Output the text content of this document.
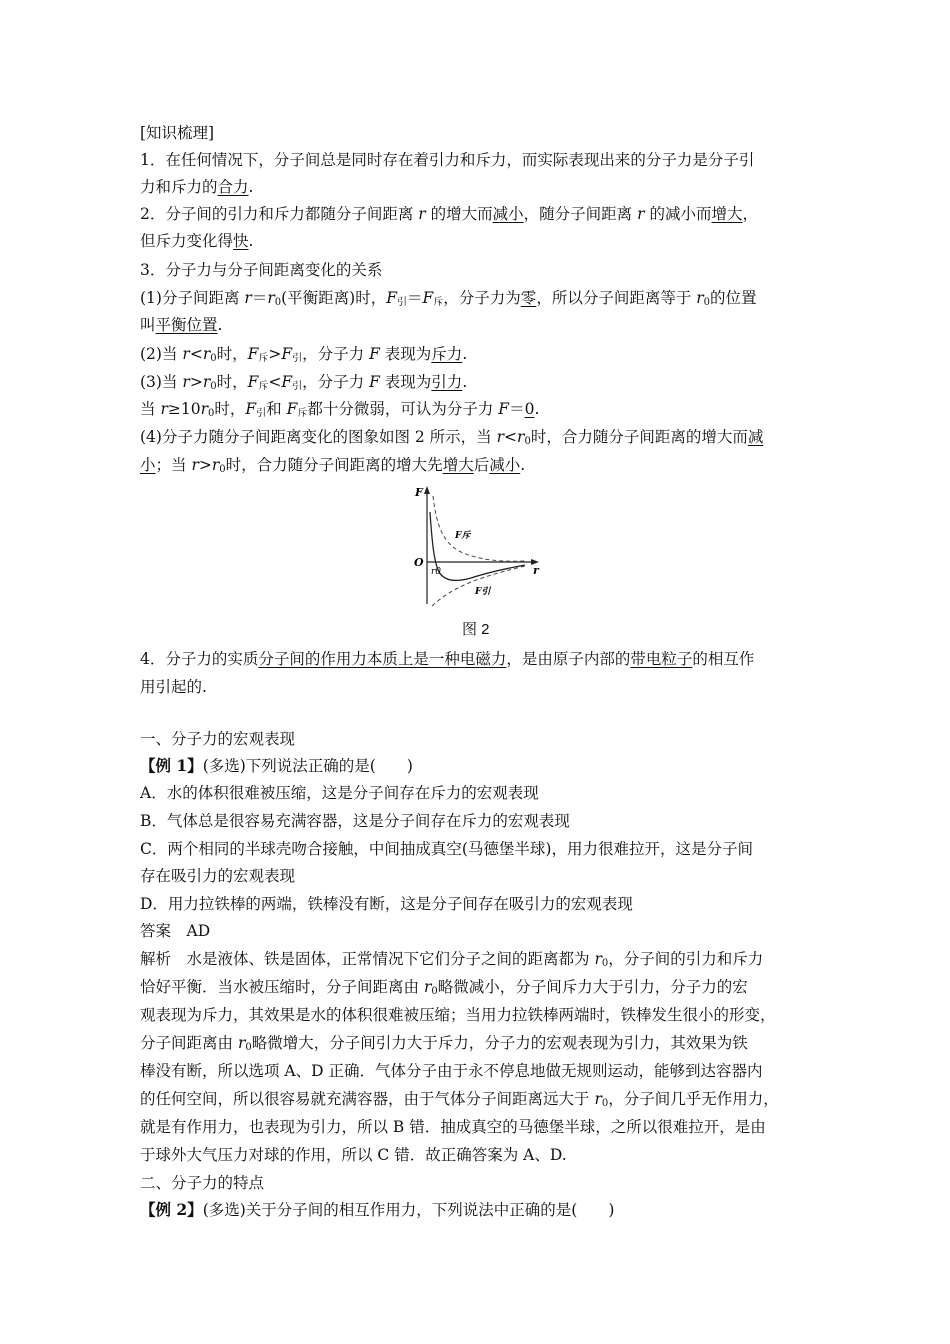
[知识梳理]
1．在任何情况下，分子间总是同时存在着引力和斥力，而实际表现出来的分子力是分子引
力和斥力的合力.
2．分子间的引力和斥力都随分子间距离 r 的增大而减小，随分子间距离 r 的减小而增大，
但斥力变化得快.
3．分子力与分子间距离变化的关系
(1)分子间距离 $r=r_0$(平衡距离)时，$F_引=F_斥$，分子力为零，所以分子间距离等于 $r_0$的位置
叫平衡位置.
(2)当 $r<r_0$时，$F_斥>F_引$，分子力 F 表现为斥力.
(3)当 $r>r_0$时，$F_斥<F_引$，分子力 F 表现为引力.
当 $r\ge 10r_0$时，$F_引$和 $F_斥$都十分微弱，可认为分子力 F＝0.
(4)分子力随分子间距离变化的图象如图 2 所示，当 $r<r_0$时，合力随分子间距离的增大而减
小；当 $r>r_0$时，合力随分子间距离的增大先增大后减小.
F
r
O
r0
F斥
F引
图 2
4．分子力的实质分子间的作用力本质上是一种电磁力，是由原子内部的带电粒子的相互作
用引起的.
一、分子力的宏观表现
【例 1】(多选)下列说法正确的是(　　)
A．水的体积很难被压缩，这是分子间存在斥力的宏观表现
B．气体总是很容易充满容器，这是分子间存在斥力的宏观表现
C．两个相同的半球壳吻合接触，中间抽成真空(马德堡半球)，用力很难拉开，这是分子间
存在吸引力的宏观表现
D．用力拉铁棒的两端，铁棒没有断，这是分子间存在吸引力的宏观表现
答案　AD
解析　水是液体、铁是固体，正常情况下它们分子之间的距离都为 $r_0$，分子间的引力和斥力
恰好平衡．当水被压缩时，分子间距离由 $r_0$略微减小，分子间斥力大于引力，分子力的宏
观表现为斥力，其效果是水的体积很难被压缩；当用力拉铁棒两端时，铁棒发生很小的形变，
分子间距离由 $r_0$略微增大，分子间引力大于斥力，分子力的宏观表现为引力，其效果为铁
棒没有断，所以选项 A、D 正确．气体分子由于永不停息地做无规则运动，能够到达容器内
的任何空间，所以很容易就充满容器，由于气体分子间距离远大于 $r_0$，分子间几乎无作用力，
就是有作用力，也表现为引力，所以 B 错．抽成真空的马德堡半球，之所以很难拉开，是由
于球外大气压力对球的作用，所以 C 错．故正确答案为 A、D.
二、分子力的特点
【例 2】(多选)关于分子间的相互作用力，下列说法中正确的是(　　)
